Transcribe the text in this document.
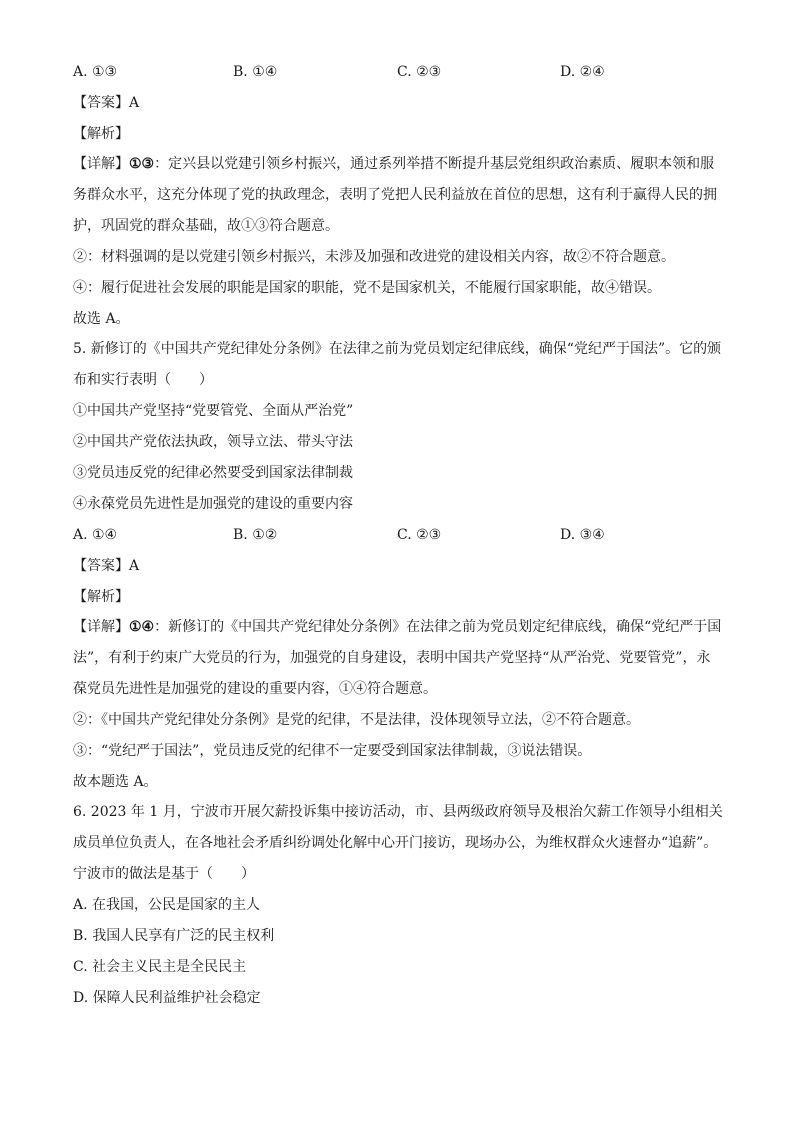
A. ①③	B. ①④	C. ②③	D. ②④
【答案】A
【解析】
【详解】①③：定兴县以党建引领乡村振兴，通过系列举措不断提升基层党组织政治素质、履职本领和服务群众水平，这充分体现了党的执政理念，表明了党把人民利益放在首位的思想，这有利于赢得人民的拥护，巩固党的群众基础，故①③符合题意。
②：材料强调的是以党建引领乡村振兴，未涉及加强和改进党的建设相关内容，故②不符合题意。
④：履行促进社会发展的职能是国家的职能，党不是国家机关，不能履行国家职能，故④错误。
故选 A。
5. 新修订的《中国共产党纪律处分条例》在法律之前为党员划定纪律底线，确保“党纪严于国法”。它的颁布和实行表明（　　）
①中国共产党坚持“党要管党、全面从严治党”
②中国共产党依法执政，领导立法、带头守法
③党员违反党的纪律必然要受到国家法律制裁
④永葆党员先进性是加强党的建设的重要内容
A. ①④	B. ①②	C. ②③	D. ③④
【答案】A
【解析】
【详解】①④：新修订的《中国共产党纪律处分条例》在法律之前为党员划定纪律底线，确保“党纪严于国法”，有利于约束广大党员的行为，加强党的自身建设，表明中国共产党坚持“从严治党、党要管党”，永葆党员先进性是加强党的建设的重要内容，①④符合题意。
②：《中国共产党纪律处分条例》是党的纪律，不是法律，没体现领导立法，②不符合题意。
③：“党纪严于国法”，党员违反党的纪律不一定要受到国家法律制裁，③说法错误。
故本题选 A。
6. 2023 年 1 月，宁波市开展欠薪投诉集中接访活动，市、县两级政府领导及根治欠薪工作领导小组相关成员单位负责人，在各地社会矛盾纠纷调处化解中心开门接访，现场办公，为维权群众火速督办“追薪”。宁波市的做法是基于（　　）
A. 在我国，公民是国家的主人
B. 我国人民享有广泛的民主权利
C. 社会主义民主是全民民主
D. 保障人民利益维护社会稳定
